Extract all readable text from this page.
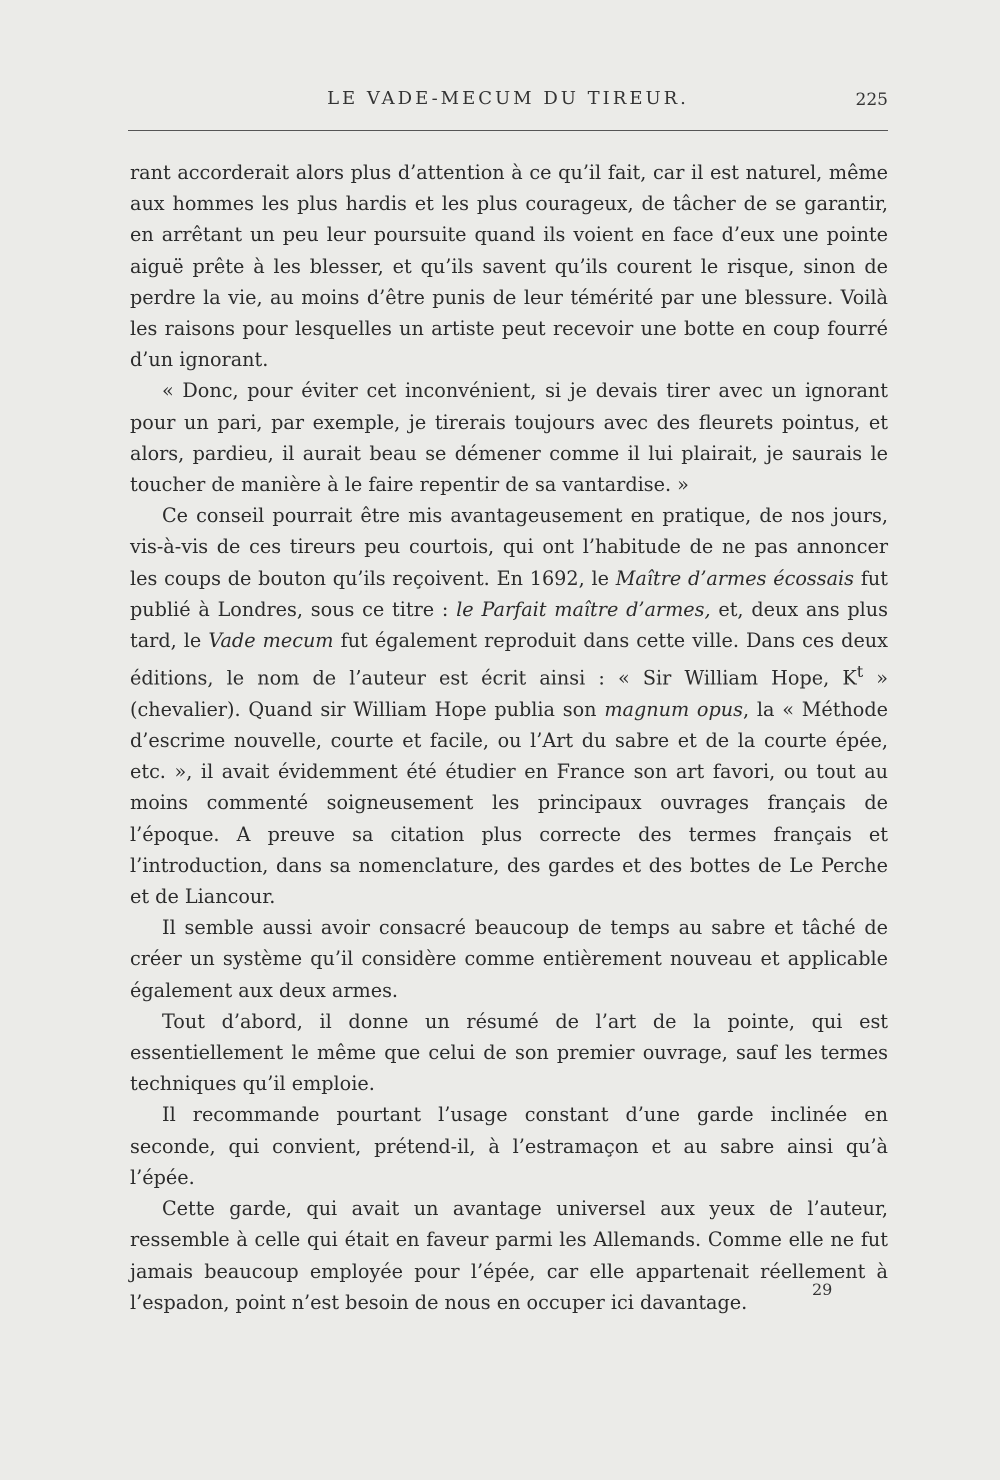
LE VADE-MECUM DU TIREUR.	225

rant accorderait alors plus d’attention à ce qu’il fait, car il est naturel, même aux hommes les plus hardis et les plus courageux, de tâcher de se garantir, en arrêtant un peu leur poursuite quand ils voient en face d’eux une pointe aiguë prête à les blesser, et qu’ils savent qu’ils courent le risque, sinon de perdre la vie, au moins d’être punis de leur témérité par une blessure. Voilà les raisons pour lesquelles un artiste peut recevoir une botte en coup fourré d’un ignorant.

« Donc, pour éviter cet inconvénient, si je devais tirer avec un ignorant pour un pari, par exemple, je tirerais toujours avec des fleurets pointus, et alors, pardieu, il aurait beau se démener comme il lui plairait, je saurais le toucher de manière à le faire repentir de sa vantardise. »

Ce conseil pourrait être mis avantageusement en pratique, de nos jours, vis-à-vis de ces tireurs peu courtois, qui ont l’habitude de ne pas annoncer les coups de bouton qu’ils reçoivent. En 1692, le Maître d’armes écossais fut publié à Londres, sous ce titre : le Parfait maître d’armes, et, deux ans plus tard, le Vade mecum fut également reproduit dans cette ville. Dans ces deux éditions, le nom de l’auteur est écrit ainsi : « Sir William Hope, $K^t$ » (chevalier). Quand sir William Hope publia son magnum opus, la « Méthode d’escrime nouvelle, courte et facile, ou l’Art du sabre et de la courte épée, etc. », il avait évidemment été étudier en France son art favori, ou tout au moins commenté soigneusement les principaux ouvrages français de l’époque. A preuve sa citation plus correcte des termes français et l’introduction, dans sa nomenclature, des gardes et des bottes de Le Perche et de Liancour.

Il semble aussi avoir consacré beaucoup de temps au sabre et tâché de créer un système qu’il considère comme entièrement nouveau et applicable également aux deux armes.

Tout d’abord, il donne un résumé de l’art de la pointe, qui est essentiellement le même que celui de son premier ouvrage, sauf les termes techniques qu’il emploie.

Il recommande pourtant l’usage constant d’une garde inclinée en seconde, qui convient, prétend-il, à l’estramaçon et au sabre ainsi qu’à l’épée.

Cette garde, qui avait un avantage universel aux yeux de l’auteur, ressemble à celle qui était en faveur parmi les Allemands. Comme elle ne fut jamais beaucoup employée pour l’épée, car elle appartenait réellement à l’espadon, point n’est besoin de nous en occuper ici davantage.

29
